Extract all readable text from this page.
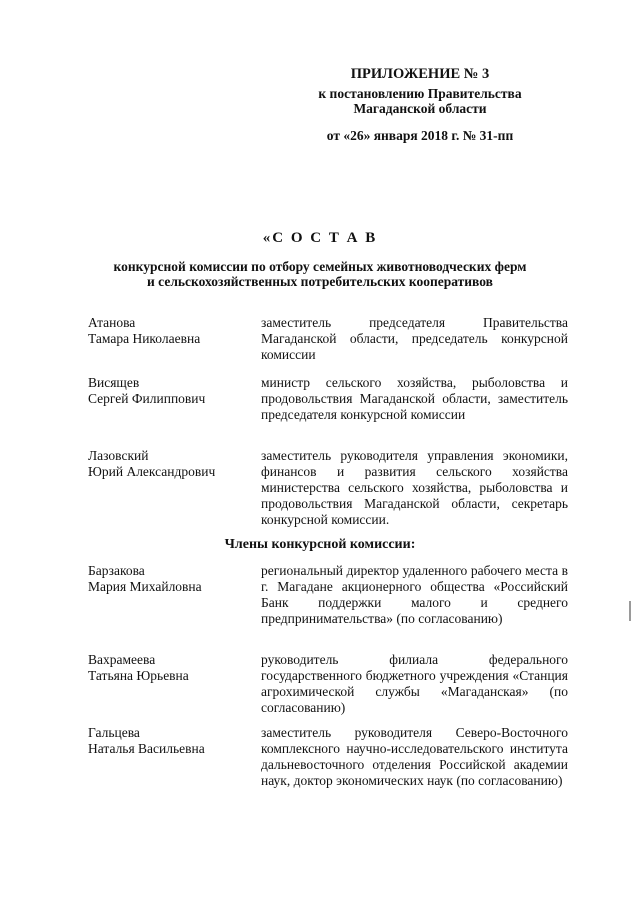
ПРИЛОЖЕНИЕ № 3
к постановлению Правительства
Магаданской области
от «26» января 2018 г. № 31-пп
«С О С Т А В
конкурсной комиссии по отбору семейных животноводческих ферм
и сельскохозяйственных потребительских кооперативов
Атанова
Тамара Николаевна
заместитель председателя Правительства Магаданской области, председатель конкурсной комиссии
Висящев
Сергей Филиппович
министр сельского хозяйства, рыболовства и продовольствия Магаданской области, заместитель председателя конкурсной комиссии
Лазовский
Юрий Александрович
заместитель руководителя управления экономики, финансов и развития сельского хозяйства министерства сельского хозяйства, рыболовства и продовольствия Магаданской области, секретарь конкурсной комиссии.
Члены конкурсной комиссии:
Барзакова
Мария Михайловна
региональный директор удаленного рабочего места в г. Магадане акционерного общества «Российский Банк поддержки малого и среднего предпринимательства» (по согласованию)
Вахрамеева
Татьяна Юрьевна
руководитель филиала федерального государственного бюджетного учреждения «Станция агрохимической службы «Магаданская» (по согласованию)
Гальцева
Наталья Васильевна
заместитель руководителя Северо-Восточного комплексного научно-исследовательского института дальневосточного отделения Российской академии наук, доктор экономических наук (по согласованию)
